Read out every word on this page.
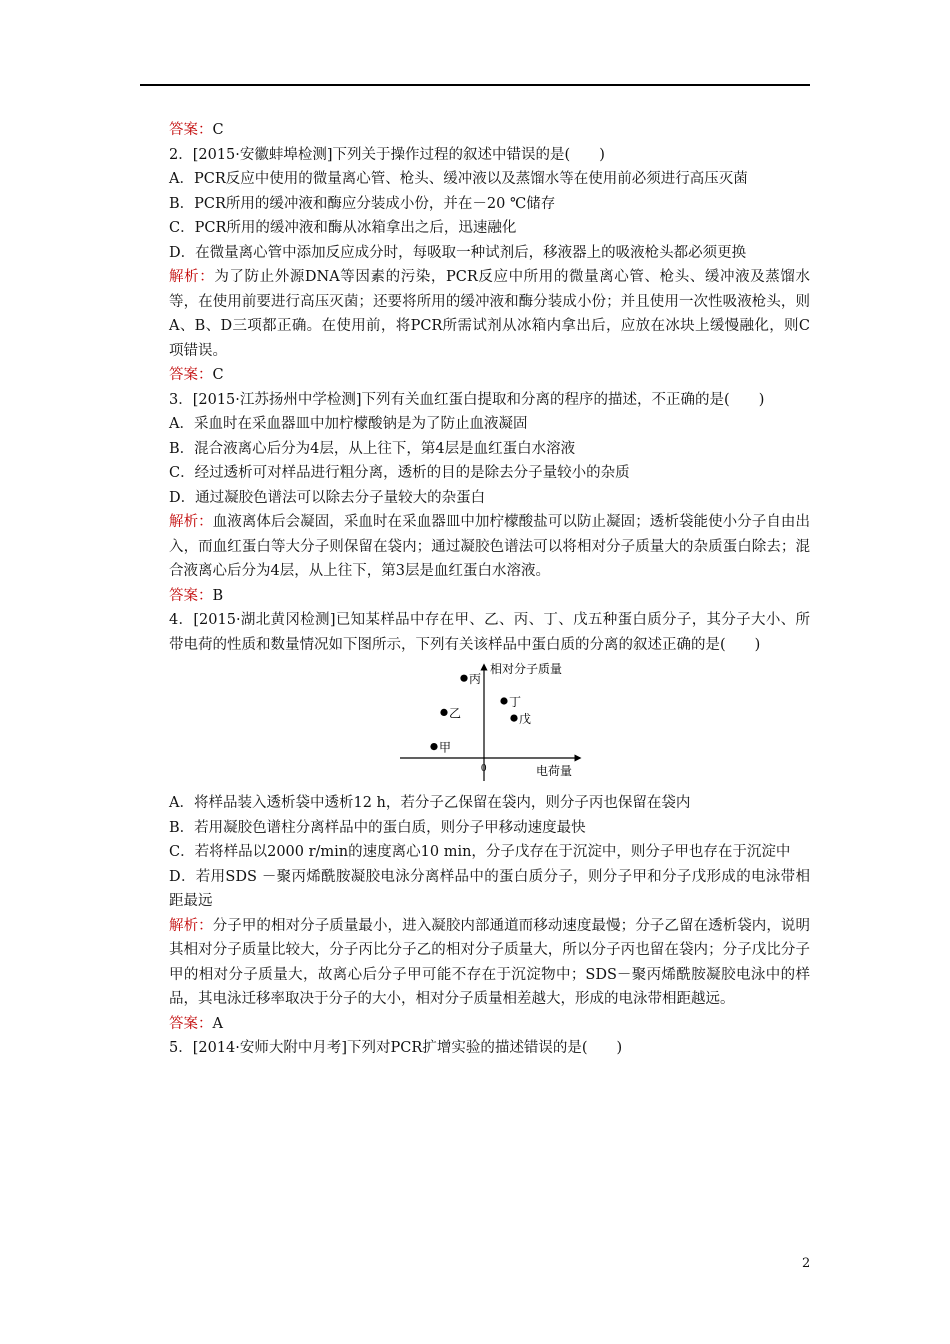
答案：C

2．[2015·安徽蚌埠检测]下列关于操作过程的叙述中错误的是(　　)

A．PCR反应中使用的微量离心管、枪头、缓冲液以及蒸馏水等在使用前必须进行高压灭菌

B．PCR所用的缓冲液和酶应分装成小份，并在－20 ℃储存

C．PCR所用的缓冲液和酶从冰箱拿出之后，迅速融化

D．在微量离心管中添加反应成分时，每吸取一种试剂后，移液器上的吸液枪头都必须更换

解析：为了防止外源DNA等因素的污染，PCR反应中所用的微量离心管、枪头、缓冲液及蒸馏水等，在使用前要进行高压灭菌；还要将所用的缓冲液和酶分装成小份；并且使用一次性吸液枪头，则A、B、D三项都正确。在使用前，将PCR所需试剂从冰箱内拿出后，应放在冰块上缓慢融化，则C项错误。

答案：C

3．[2015·江苏扬州中学检测]下列有关血红蛋白提取和分离的程序的描述，不正确的是(　　)

A．采血时在采血器皿中加柠檬酸钠是为了防止血液凝固

B．混合液离心后分为4层，从上往下，第4层是血红蛋白水溶液

C．经过透析可对样品进行粗分离，透析的目的是除去分子量较小的杂质

D．通过凝胶色谱法可以除去分子量较大的杂蛋白

解析：血液离体后会凝固，采血时在采血器皿中加柠檬酸盐可以防止凝固；透析袋能使小分子自由出入，而血红蛋白等大分子则保留在袋内；通过凝胶色谱法可以将相对分子质量大的杂质蛋白除去；混合液离心后分为4层，从上往下，第3层是血红蛋白水溶液。

答案：B

4．[2015·湖北黄冈检测]已知某样品中存在甲、乙、丙、丁、戊五种蛋白质分子，其分子大小、所带电荷的性质和数量情况如下图所示，下列有关该样品中蛋白质的分离的叙述正确的是(　　)

相对分子质量
电荷量
0
丙
乙
甲
丁
戊

A．将样品装入透析袋中透析12 h，若分子乙保留在袋内，则分子丙也保留在袋内

B．若用凝胶色谱柱分离样品中的蛋白质，则分子甲移动速度最快

C．若将样品以2000 r/min的速度离心10 min，分子戊存在于沉淀中，则分子甲也存在于沉淀中

D．若用SDS －聚丙烯酰胺凝胶电泳分离样品中的蛋白质分子，则分子甲和分子戊形成的电泳带相距最远

解析：分子甲的相对分子质量最小，进入凝胶内部通道而移动速度最慢；分子乙留在透析袋内，说明其相对分子质量比较大，分子丙比分子乙的相对分子质量大，所以分子丙也留在袋内；分子戊比分子甲的相对分子质量大，故离心后分子甲可能不存在于沉淀物中；SDS－聚丙烯酰胺凝胶电泳中的样品，其电泳迁移率取决于分子的大小，相对分子质量相差越大，形成的电泳带相距越远。

答案：A

5．[2014·安师大附中月考]下列对PCR扩增实验的描述错误的是(　　)

2
